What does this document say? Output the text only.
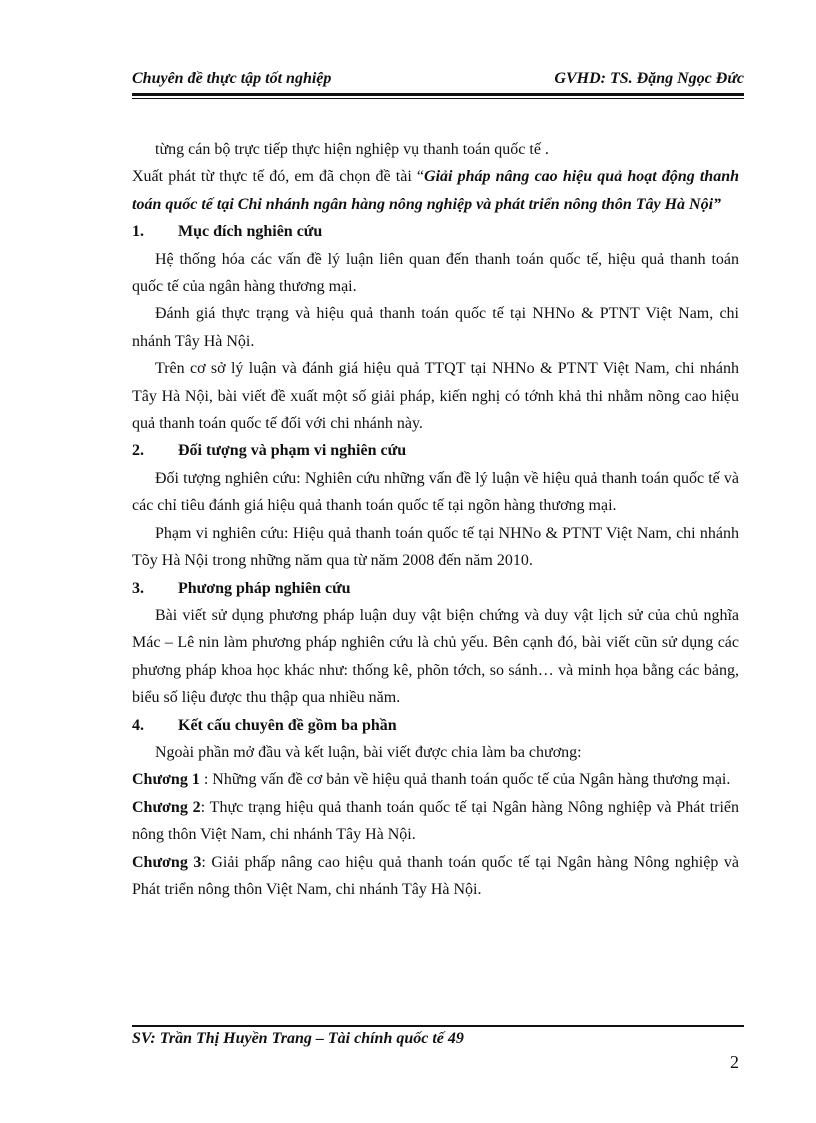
Chuyên đề thực tập tốt nghiệp	GVHD: TS. Đặng Ngọc Đức

từng cán bộ trực tiếp thực hiện nghiệp vụ thanh toán quốc tế .

Xuất phát từ thực tế đó, em đã chọn đề tài “Giải pháp nâng cao hiệu quả hoạt động thanh toán quốc tế tại Chi nhánh ngân hàng nông nghiệp và phát triển nông thôn Tây Hà Nội”

1. Mục đích nghiên cứu

Hệ thống hóa các vấn đề lý luận liên quan đến thanh toán quốc tế, hiệu quả thanh toán quốc tế của ngân hàng thương mại.

Đánh giá thực trạng và hiệu quả thanh toán quốc tế tại NHNo & PTNT Việt Nam, chi nhánh Tây Hà Nội.

Trên cơ sở lý luận và đánh giá hiệu quả TTQT tại NHNo & PTNT Việt Nam, chi nhánh Tây Hà Nội, bài viết đề xuất một số giải pháp, kiến nghị có tớnh khả thi nhằm nõng cao hiệu quả thanh toán quốc tế đối với chi nhánh này.

2. Đối tượng và phạm vi nghiên cứu

Đối tượng nghiên cứu: Nghiên cứu những vấn đề lý luận về hiệu quả thanh toán quốc tế và các chỉ tiêu đánh giá hiệu quả thanh toán quốc tế tại ngõn hàng thương mại.

Phạm vi nghiên cứu: Hiệu quả thanh toán quốc tế tại NHNo & PTNT Việt Nam, chi nhánh Tõy Hà Nội trong những năm qua từ năm 2008 đến năm 2010.

3. Phương pháp nghiên cứu

Bài viết sử dụng phương pháp luận duy vật biện chứng và duy vật lịch sử của chủ nghĩa Mác – Lê nin làm phương pháp nghiên cứu là chủ yếu. Bên cạnh đó, bài viết cũn sử dụng các phương pháp khoa học khác như: thống kê, phõn tớch, so sánh… và minh họa bằng các bảng, biểu số liệu được thu thập qua nhiều năm.

4. Kết cấu chuyên đề gồm ba phần

Ngoài phần mở đầu và kết luận, bài viết được chia làm ba chương:

Chương 1 : Những vấn đề cơ bản về hiệu quả thanh toán quốc tế của Ngân hàng thương mại.

Chương 2: Thực trạng hiệu quả thanh toán quốc tế tại Ngân hàng Nông nghiệp và Phát triển nông thôn Việt Nam, chi nhánh Tây Hà Nội.

Chương 3: Giải phấp nâng cao hiệu quả thanh toán quốc tế tại Ngân hàng Nông nghiệp và Phát triển nông thôn Việt Nam, chi nhánh Tây Hà Nội.

SV: Trần Thị Huyền Trang – Tài chính quốc tế 49
2
